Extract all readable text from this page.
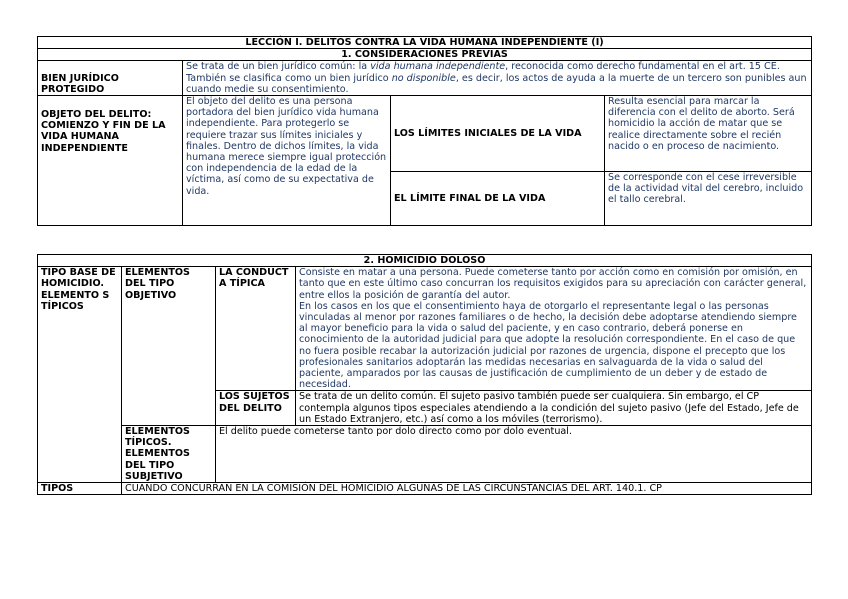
LECCIÓN I. DELITOS CONTRA LA VIDA HUMANA INDEPENDIENTE (I)			
1. CONSIDERACIONES PREVIAS			
BIEN JURÍDICO PROTEGIDO	Se trata de un bien jurídico común: la vida humana independiente, reconocida como derecho fundamental en el art. 15 CE. También se clasifica como un bien jurídico no disponible, es decir, los actos de ayuda a la muerte de un tercero son punibles aun cuando medie su consentimiento.		
OBJETO DEL DELITO: COMIENZO Y FIN DE LA VIDA HUMANA INDEPENDIENTE	El objeto del delito es una persona portadora del bien jurídico vida humana independiente. Para protegerlo se requiere trazar sus límites iniciales y finales. Dentro de dichos límites, la vida humana merece siempre igual protección con independencia de la edad de la víctima, así como de su expectativa de vida.	LOS LÍMITES INICIALES DE LA VIDA	Resulta esencial para marcar la diferencia con el delito de aborto. Será homicidio la acción de matar que se realice directamente sobre el recién nacido o en proceso de nacimiento.
		EL LÍMITE FINAL DE LA VIDA	Se corresponde con el cese irreversible de la actividad vital del cerebro, incluido el tallo cerebral.
2. HOMICIDIO DOLOSO			
TIPO BASE DE HOMICIDIO. ELEMENTO S TÍPICOS	ELEMENTOS DEL TIPO OBJETIVO	LA CONDUCT A TÍPICA	Consiste en matar a una persona. Puede cometerse tanto por acción como en comisión por omisión, en tanto que en este último caso concurran los requisitos exigidos para su apreciación con carácter general, entre ellos la posición de garantía del autor.
En los casos en los que el consentimiento haya de otorgarlo el representante legal o las personas vinculadas al menor por razones familiares o de hecho, la decisión debe adoptarse atendiendo siempre al mayor beneficio para la vida o salud del paciente, y en caso contrario, deberá ponerse en conocimiento de la autoridad judicial para que adopte la resolución correspondiente. En el caso de que no fuera posible recabar la autorización judicial por razones de urgencia, dispone el precepto que los profesionales sanitarios adoptarán las medidas necesarias en salvaguarda de la vida o salud del paciente, amparados por las causas de justificación de cumplimiento de un deber y de estado de necesidad.

		LOS SUJETOS DEL DELITO	Se trata de un delito común. El sujeto pasivo también puede ser cualquiera. Sin embargo, el CP contempla algunos tipos especiales atendiendo a la condición del sujeto pasivo (Jefe del Estado, Jefe de un Estado Extranjero, etc.) así como a los móviles (terrorismo).
	ELEMENTOS TÍPICOS. ELEMENTOS DEL TIPO SUBJETIVO	El delito puede cometerse tanto por dolo directo como por dolo eventual.	
TIPOS	CUANDO CONCURRAN EN LA COMISIÓN DEL HOMICIDIO ALGUNAS DE LAS CIRCUNSTANCIAS DEL ART. 140.1. CP		
